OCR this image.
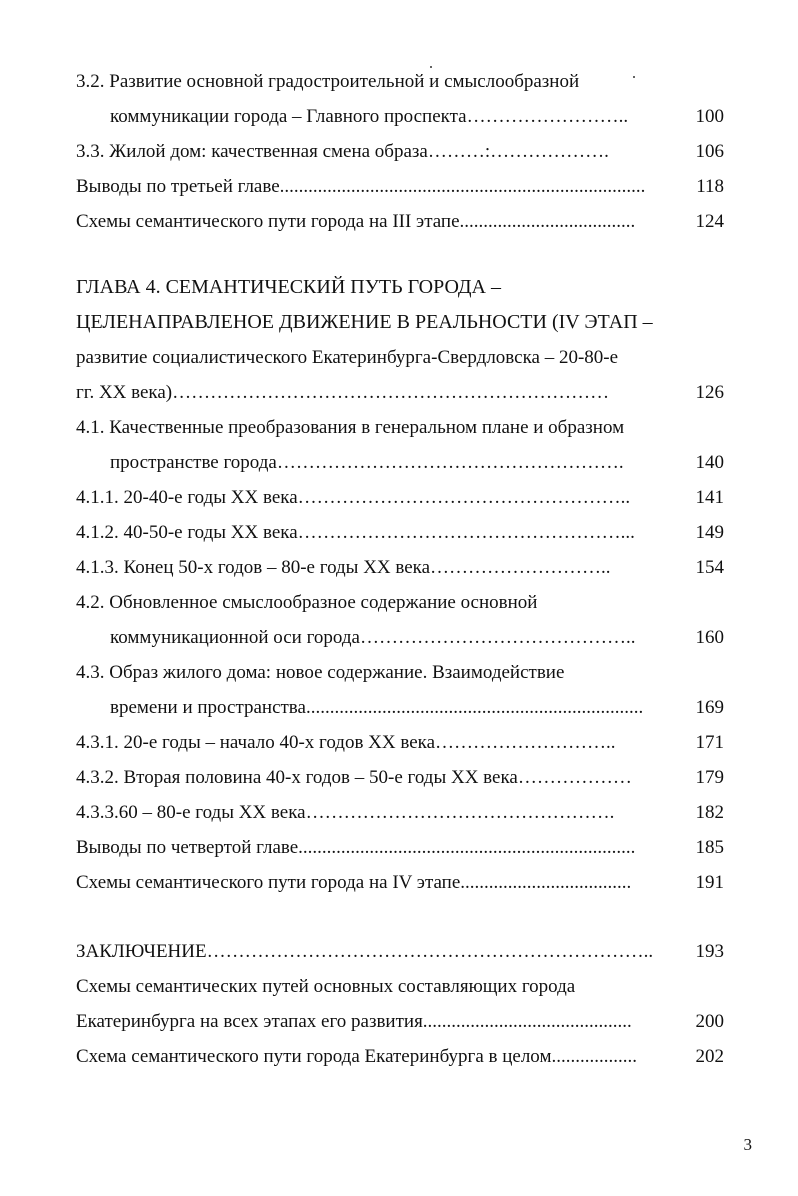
3.2. Развитие основной градостроительной и смыслообразной
коммуникации города – Главного проспекта……………………..	100
3.3. Жилой дом: качественная смена образа………:……………….	106
Выводы по третьей главе.............................................................................	118
Схемы семантического пути города на III этапе.....................................	124
ГЛАВА 4. СЕМАНТИЧЕСКИЙ ПУТЬ ГОРОДА –
ЦЕЛЕНАПРАВЛЕНОЕ ДВИЖЕНИЕ В РЕАЛЬНОСТИ (IV ЭТАП –
развитие социалистического Екатеринбурга-Свердловска – 20-80-е
гг. XX века)……………………………………………………………	126
4.1. Качественные преобразования в генеральном плане и образном
пространстве города……………………………………………….	140
4.1.1. 20-40-е годы XX века……………………………………………..	141
4.1.2. 40-50-е годы XX века……………………………………………...	149
4.1.3. Конец 50-х годов – 80-е годы XX века………………………..	154
4.2. Обновленное смыслообразное содержание основной
коммуникационной оси города……………………………………..	160
4.3. Образ жилого дома: новое содержание. Взаимодействие
времени и пространства.......................................................................	169
4.3.1. 20-е годы – начало 40-х годов XX века………………………..	171
4.3.2. Вторая половина 40-х годов – 50-е годы XX века………………	179
4.3.3.60 – 80-е годы XX века………………………………………….	182
Выводы по четвертой главе.......................................................................	185
Схемы семантического пути города на IV этапе....................................	191
ЗАКЛЮЧЕНИЕ……………………………………………………………..	193
Схемы семантических путей основных составляющих города
Екатеринбурга на всех этапах его развития............................................	200
Схема семантического пути города Екатеринбурга в целом..................	202
3
